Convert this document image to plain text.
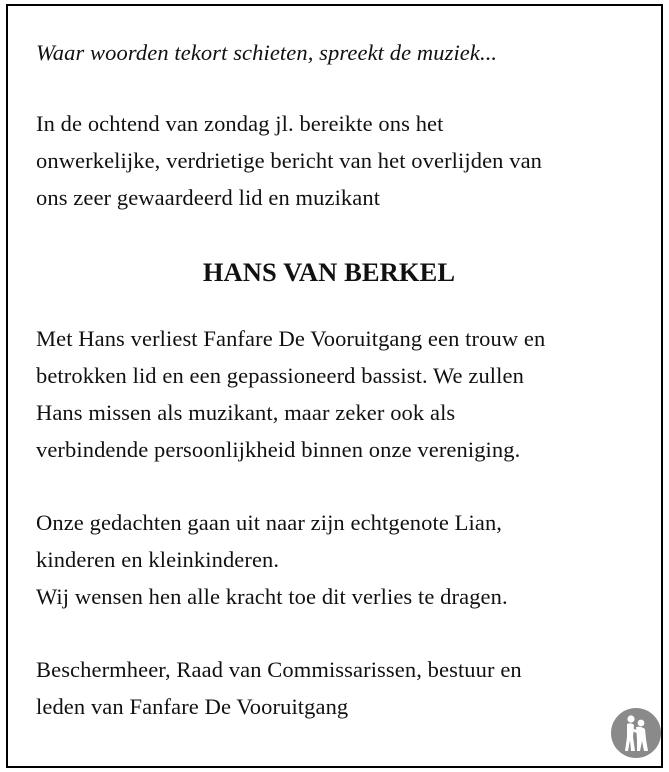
Waar woorden tekort schieten, spreekt de muziek...

In de ochtend van zondag jl. bereikte ons het
onwerkelijke, verdrietige bericht van het overlijden van
ons zeer gewaardeerd lid en muzikant

HANS VAN BERKEL

Met Hans verliest Fanfare De Vooruitgang een trouw en
betrokken lid en een gepassioneerd bassist. We zullen
Hans missen als muzikant, maar zeker ook als
verbindende persoonlijkheid binnen onze vereniging.

Onze gedachten gaan uit naar zijn echtgenote Lian,
kinderen en kleinkinderen.
Wij wensen hen alle kracht toe dit verlies te dragen.

Beschermheer, Raad van Commissarissen, bestuur en
leden van Fanfare De Vooruitgang
